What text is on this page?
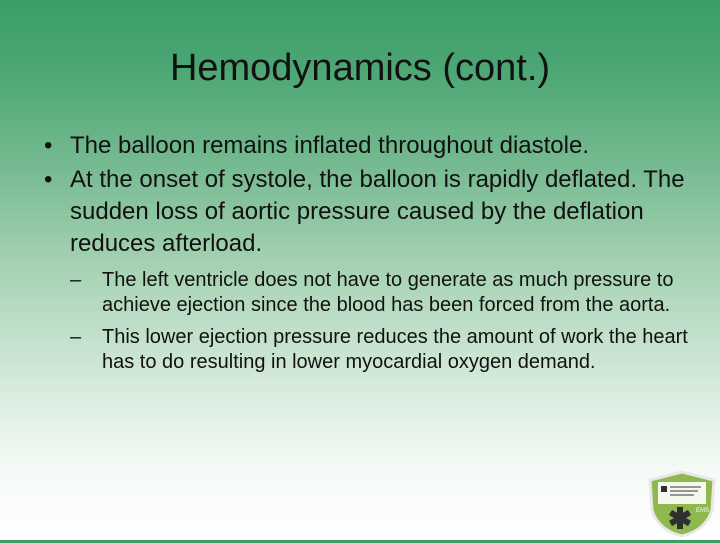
Hemodynamics (cont.)
• The balloon remains inflated throughout diastole.
• At the onset of systole, the balloon is rapidly deflated. The sudden loss of aortic pressure caused by the deflation reduces afterload.
– The left ventricle does not have to generate as much pressure to achieve ejection since the blood has been forced from the aorta.
– This lower ejection pressure reduces the amount of work the heart has to do resulting in lower myocardial oxygen demand.
EMS
